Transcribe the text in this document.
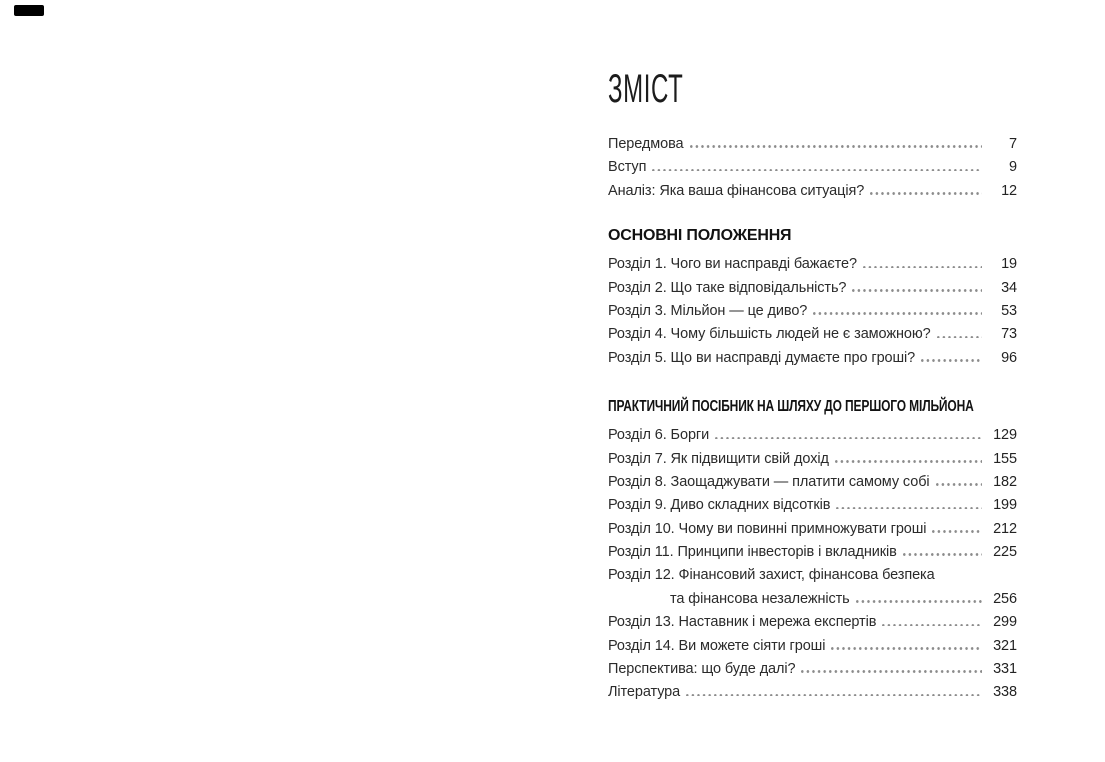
ЗМІСТ
Передмова	7
Вступ	9
Аналіз: Яка ваша фінансова ситуація?	12
ОСНОВНІ ПОЛОЖЕННЯ
Розділ 1. Чого ви насправді бажаєте?	19
Розділ 2. Що таке відповідальність?	34
Розділ 3. Мільйон — це диво?	53
Розділ 4. Чому більшість людей не є заможною?	73
Розділ 5. Що ви насправді думаєте про гроші?	96
ПРАКТИЧНИЙ ПОСІБНИК НА ШЛЯХУ ДО ПЕРШОГО МІЛЬЙОНА
Розділ 6. Борги	129
Розділ 7. Як підвищити свій дохід	155
Розділ 8. Заощаджувати — платити самому собі	182
Розділ 9. Диво складних відсотків	199
Розділ 10. Чому ви повинні примножувати гроші	212
Розділ 11. Принципи інвесторів і вкладників	225
Розділ 12. Фінансовий захист, фінансова безпека
та фінансова незалежність	256
Розділ 13. Наставник і мережа експертів	299
Розділ 14. Ви можете сіяти гроші	321
Перспектива: що буде далі?	331
Література	338
